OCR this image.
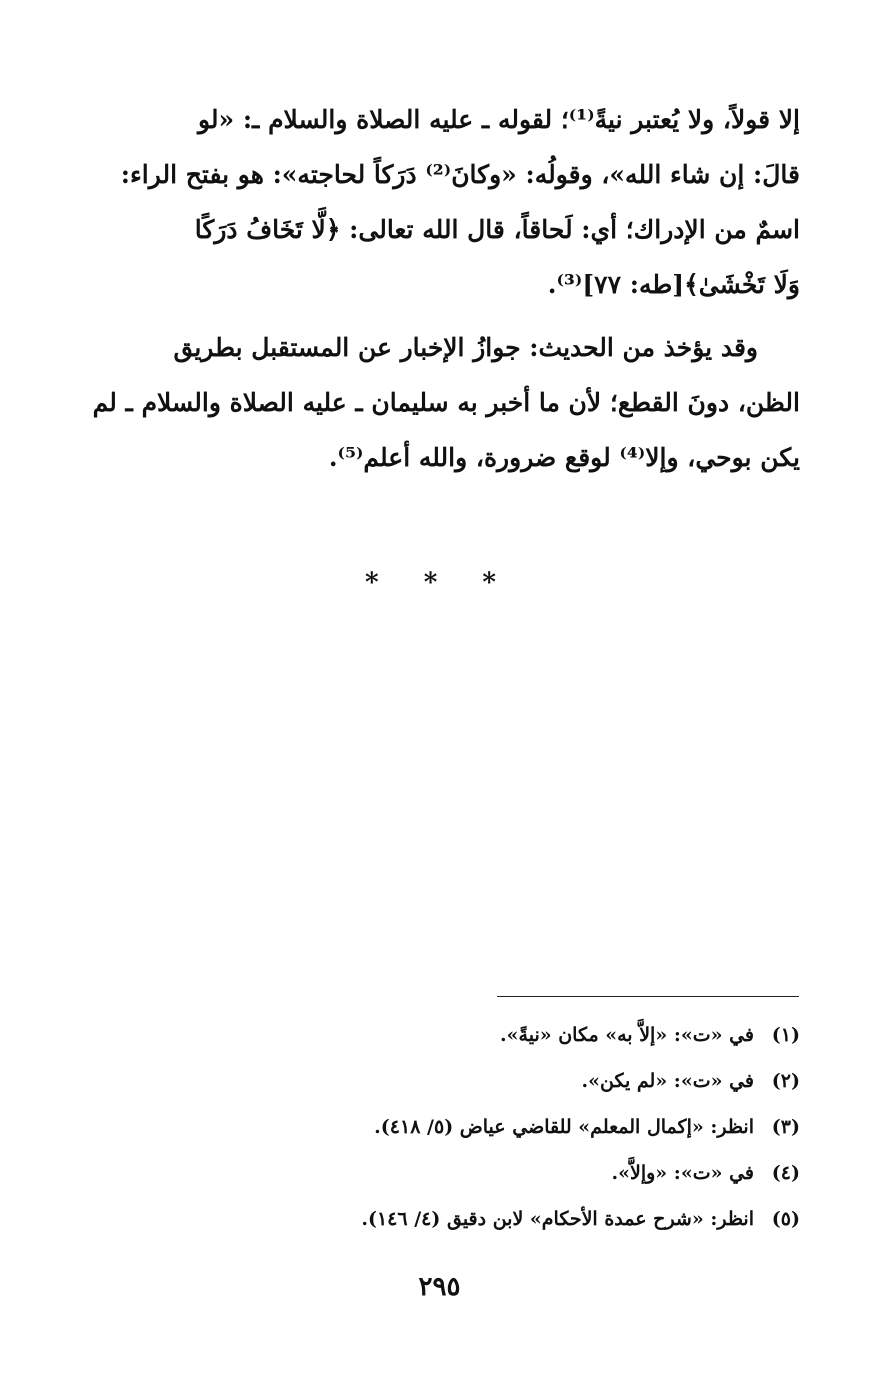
إلا قولاً، ولا يُعتبر نيةً⁽¹⁾؛ لقوله ـ عليه الصلاة والسلام ـ: «لو
قالَ: إن شاء الله»، وقولُه: «وكانَ⁽²⁾ دَرَكاً لحاجته»: هو بفتح الراء:
اسمٌ من الإدراك؛ أي: لَحاقاً، قال الله تعالى: ﴿لَّا تَخَافُ دَرَكًا
وَلَا تَخْشَىٰ﴾[طه: ٧٧]⁽³⁾.
وقد يؤخذ من الحديث: جوازُ الإخبار عن المستقبل بطريق
الظن، دونَ القطع؛ لأن ما أخبر به سليمان ـ عليه الصلاة والسلام ـ لم
يكن بوحي، وإلا⁽⁴⁾ لوقع ضرورة، والله أعلم⁽⁵⁾.
* * *
(١)
في «ت»: «إلاَّ به» مكان «نيةً».
(٢)
في «ت»: «لم يكن».
(٣)
انظر: «إكمال المعلم» للقاضي عياض (٥/ ٤١٨).
(٤)
في «ت»: «وإلاَّ».
(٥)
انظر: «شرح عمدة الأحكام» لابن دقيق (٤/ ١٤٦).
٢٩٥
